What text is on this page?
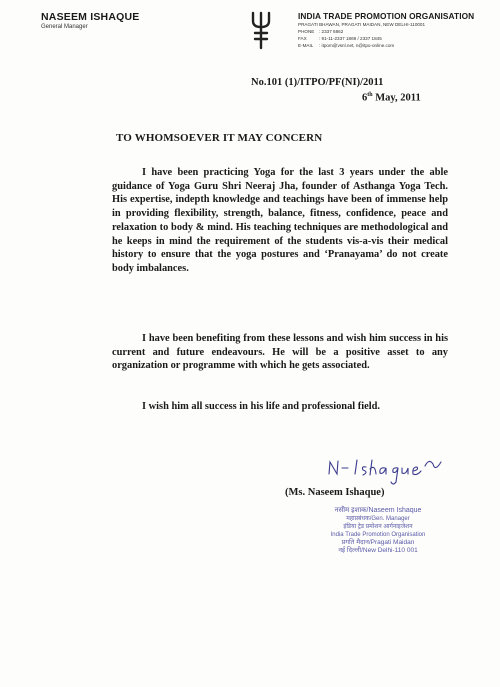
NASEEM ISHAQUE
General Manager
INDIA TRADE PROMOTION ORGANISATION
PRAGATI BHAWAN, PRAGATI MAIDAN, NEW DELHI-110001
PHONE : 2337 6862
FAX	: 91-11-2337 1869 / 2337 1845
E-MAIL : itpom@vsnl.net, n@itpo-online.com
No.101 (1)/ITPO/PF(NI)/2011
6th May, 2011
TO WHOMSOEVER IT MAY CONCERN

I have been practicing Yoga for the last 3 years under the able guidance of Yoga Guru Shri Neeraj Jha, founder of Asthanga Yoga Tech. His expertise, indepth knowledge and teachings have been of immense help in providing flexibility, strength, balance, fitness, confidence, peace and relaxation to body & mind. His teaching techniques are methodological and he keeps in mind the requirement of the students vis-a-vis their medical history to ensure that the yoga postures and ‘Pranayama’ do not create body imbalances.

I have been benefiting from these lessons and wish him success in his current and future endeavours. He will be a positive asset to any organization or programme with which he gets associated.

I wish him all success in his life and professional field.

(Ms. Naseem Ishaque)
नसीम इशाक/Naseem Ishaque
महाप्रबंधक/Gen. Manager
इंडिया ट्रेड प्रमोशन आर्गनाइजेशन
India Trade Promotion Organisation
प्रगति मैदान/Pragati Maidan
नई दिल्ली/New Delhi-110 001
